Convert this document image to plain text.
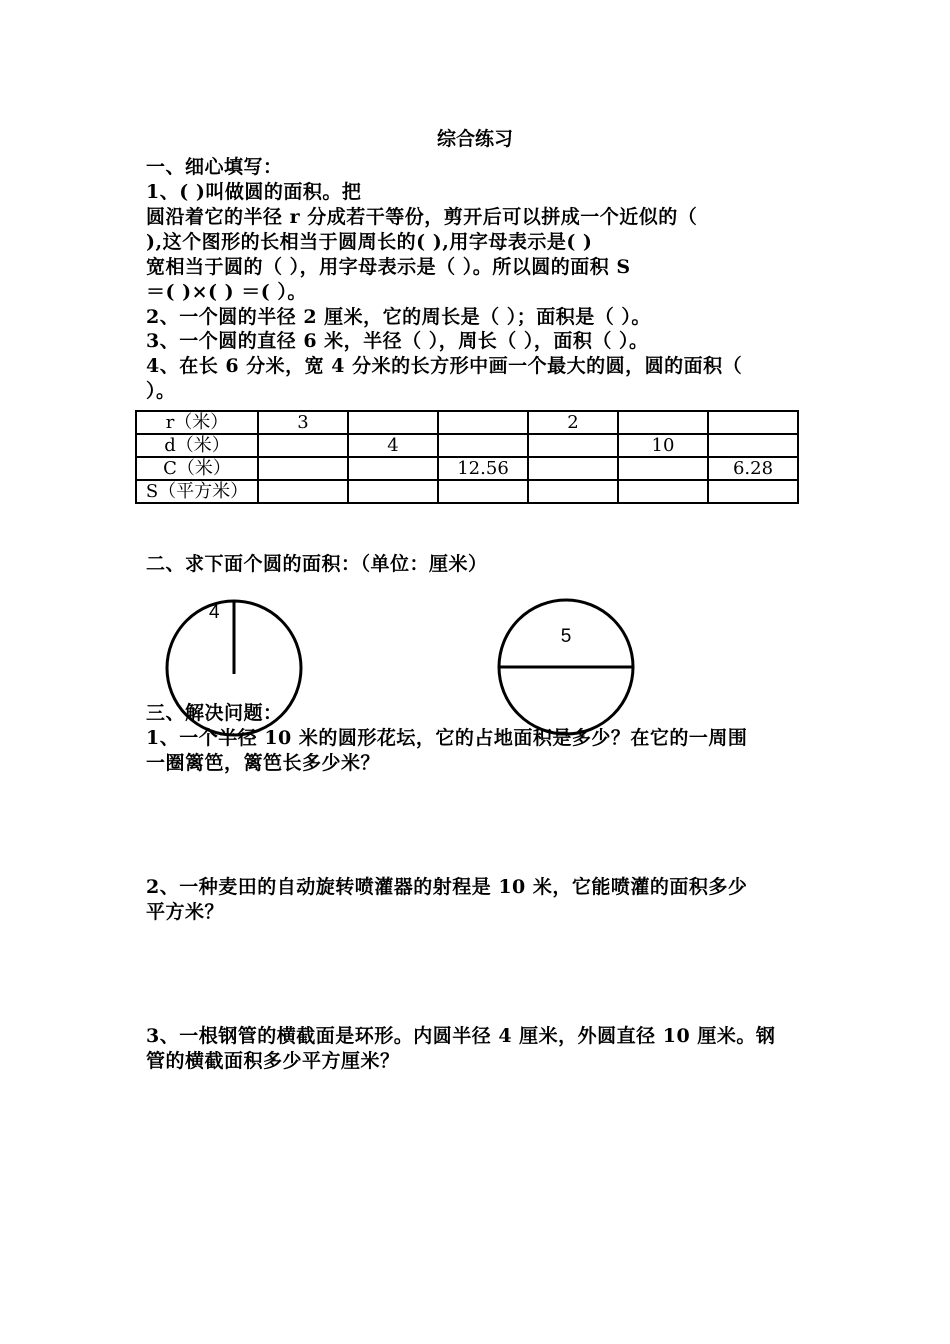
综合练习
一、细心填写：
1、( )叫做圆的面积。把
圆沿着它的半径 r 分成若干等份，剪开后可以拼成一个近似的（
),这个图形的长相当于圆周长的( ),用字母表示是( )
宽相当于圆的（ ），用字母表示是（ ）。所以圆的面积 S
＝( )×( ) ＝( ）。
2、一个圆的半径 2 厘米，它的周长是（ ）；面积是（ ）。
3、一个圆的直径 6 米，半径（ ），周长（ ），面积（ ）。
4、在长 6 分米，宽 4 分米的长方形中画一个最大的圆，圆的面积（
）。
r（米）	3			2		
d（米）		4			10	
C（米）			12.56			6.28
S（平方米）						
二、求下面个圆的面积：（单位：厘米）
4
5
三、解决问题：
1、一个半径 10 米的圆形花坛，它的占地面积是多少？在它的一周围
一圈篱笆，篱笆长多少米？
2、一种麦田的自动旋转喷灌器的射程是 10 米，它能喷灌的面积多少
平方米？
3、一根钢管的横截面是环形。内圆半径 4 厘米，外圆直径 10 厘米。钢
管的横截面积多少平方厘米？
